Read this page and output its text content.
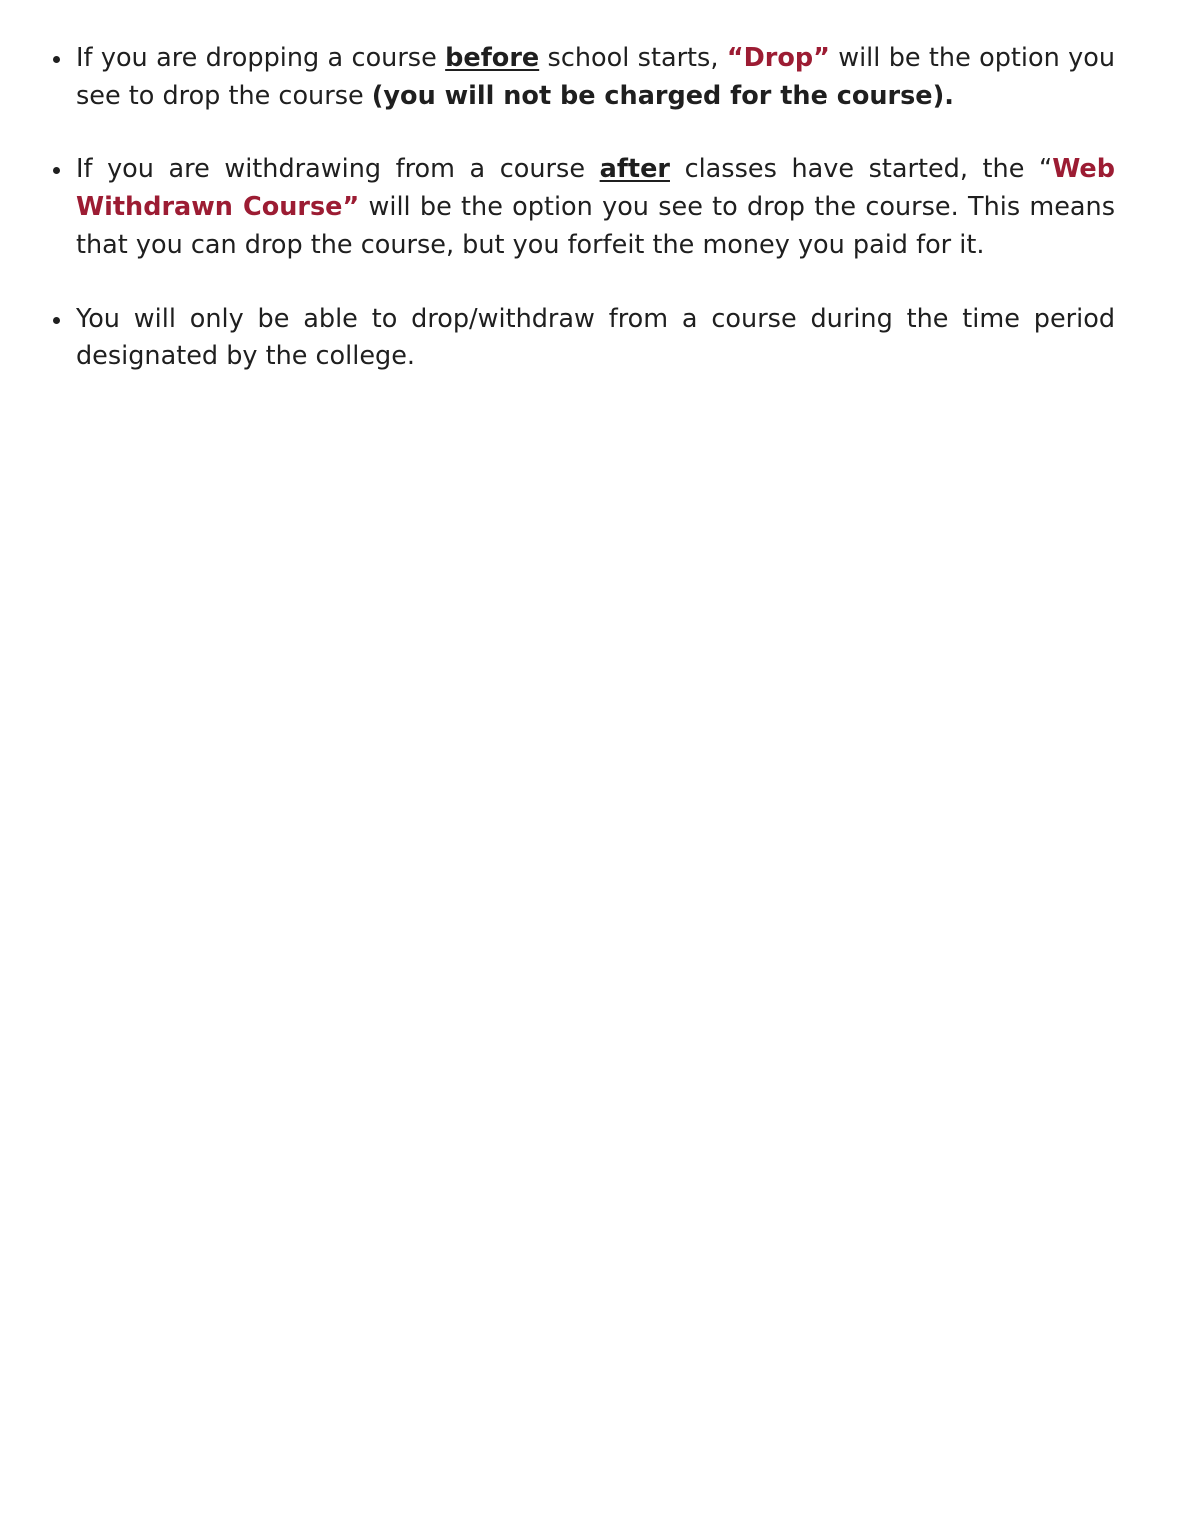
If you are dropping a course before school starts, “Drop” will be the option you see to drop the course (you will not be charged for the course).
If you are withdrawing from a course after classes have started, the “Web Withdrawn Course” will be the option you see to drop the course. This means that you can drop the course, but you forfeit the money you paid for it.
You will only be able to drop/withdraw from a course during the time period designated by the college.
